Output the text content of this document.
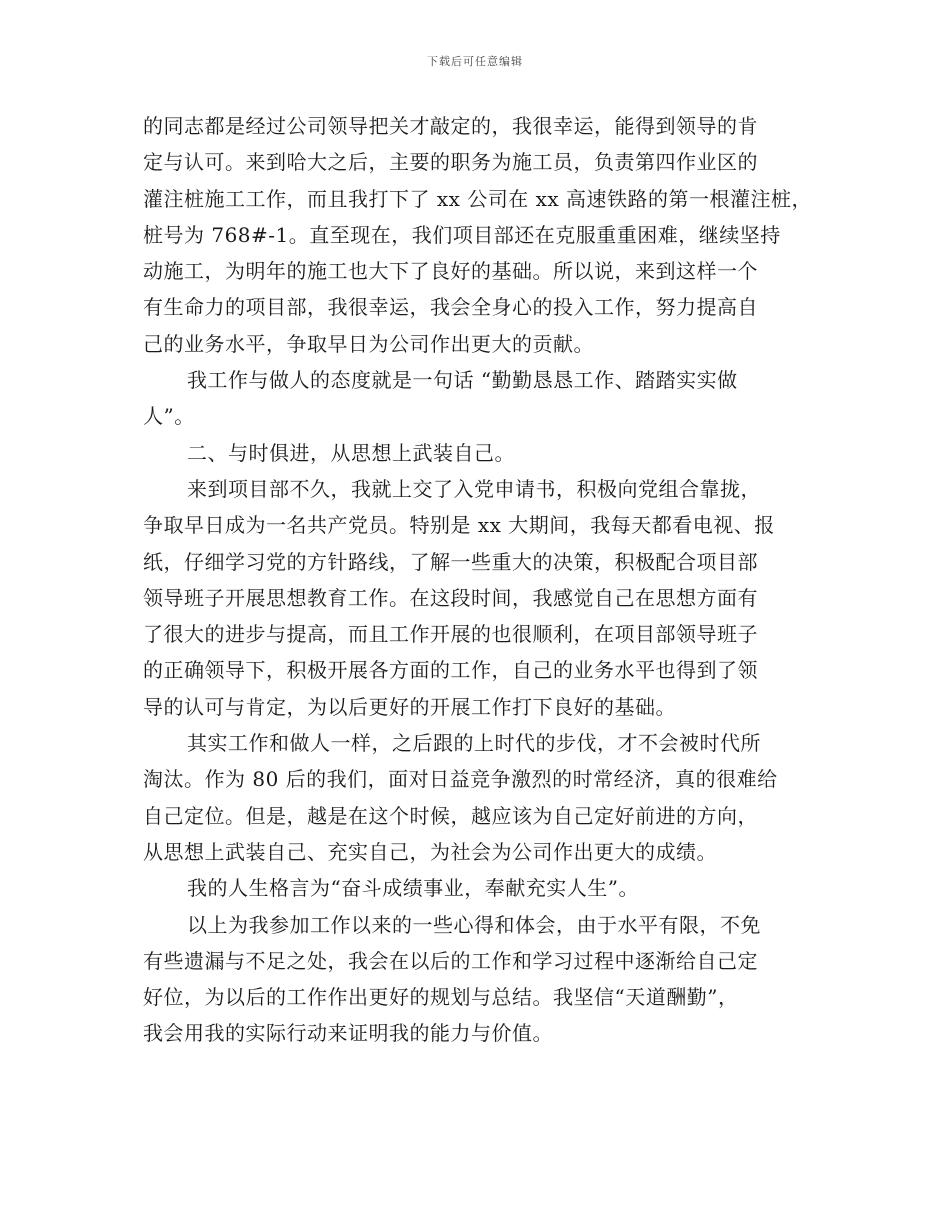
下载后可任意编辑
的同志都是经过公司领导把关才敲定的，我很幸运，能得到领导的肯
定与认可。来到哈大之后，主要的职务为施工员，负责第四作业区的
灌注桩施工工作，而且我打下了 xx 公司在 xx 高速铁路的第一根灌注桩，
桩号为 768#-1。直至现在，我们项目部还在克服重重困难，继续坚持
动施工，为明年的施工也大下了良好的基础。所以说，来到这样一个
有生命力的项目部，我很幸运，我会全身心的投入工作，努力提高自
己的业务水平，争取早日为公司作出更大的贡献。
我工作与做人的态度就是一句话 “勤勤恳恳工作、踏踏实实做
人”。
二、与时俱进，从思想上武装自己。
来到项目部不久，我就上交了入党申请书，积极向党组合靠拢，
争取早日成为一名共产党员。特别是 xx 大期间，我每天都看电视、报
纸，仔细学习党的方针路线，了解一些重大的决策，积极配合项目部
领导班子开展思想教育工作。在这段时间，我感觉自己在思想方面有
了很大的进步与提高，而且工作开展的也很顺利，在项目部领导班子
的正确领导下，积极开展各方面的工作，自己的业务水平也得到了领
导的认可与肯定，为以后更好的开展工作打下良好的基础。
其实工作和做人一样，之后跟的上时代的步伐，才不会被时代所
淘汰。作为 80 后的我们，面对日益竞争激烈的时常经济，真的很难给
自己定位。但是，越是在这个时候，越应该为自己定好前进的方向，
从思想上武装自己、充实自己，为社会为公司作出更大的成绩。
我的人生格言为“奋斗成绩事业，奉献充实人生”。
以上为我参加工作以来的一些心得和体会，由于水平有限，不免
有些遗漏与不足之处，我会在以后的工作和学习过程中逐渐给自己定
好位，为以后的工作作出更好的规划与总结。我坚信“天道酬勤”，
我会用我的实际行动来证明我的能力与价值。
